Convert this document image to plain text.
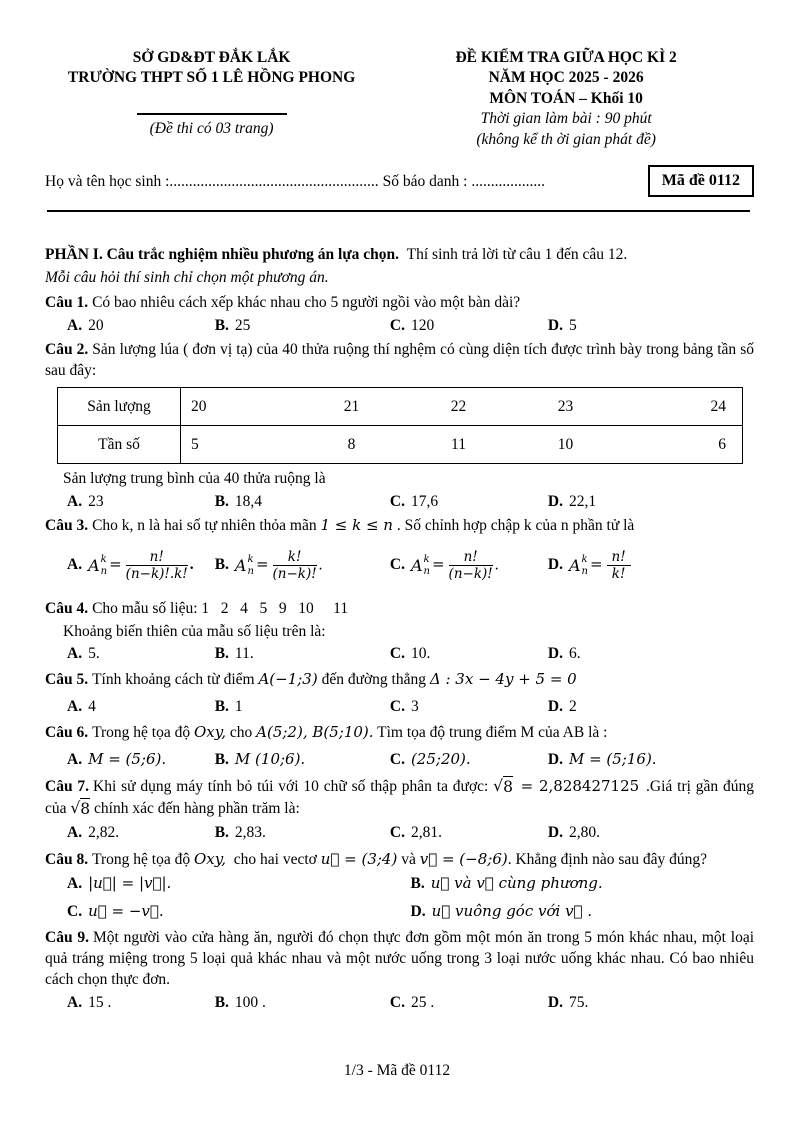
SỞ GD&ĐT ĐẮK LẮK
TRƯỜNG THPT SỐ 1 LÊ HỒNG PHONG
(Đề thi có 03 trang)
ĐỀ KIỂM TRA GIỮA HỌC KÌ 2
NĂM HỌC 2025 - 2026
MÔN TOÁN – Khối 10
Thời gian làm bài : 90 phút
(không kể th ời gian phát đề)
Họ và tên học sinh :...................................................... Số báo danh : ...................	Mã đề 0112

PHẦN I. Câu trắc nghiệm nhiều phương án lựa chọn. Thí sinh trả lời từ câu 1 đến câu 12.

Mỗi câu hỏi thí sinh chỉ chọn một phương án.

Câu 1. Có bao nhiêu cách xếp khác nhau cho 5 người ngồi vào một bàn dài?

A. 20	B. 25	C. 120	D. 5

Câu 2. Sản lượng lúa ( đơn vị tạ) của 40 thửa ruộng thí nghệm có cùng diện tích được trình bày trong bảng tần số sau đây:

Sản lượng	20	21	22	23	24
Tần số	5	8	11	10	6

Sản lượng trung bình của 40 thửa ruộng là

A. 23	B. 18,4	C. 17,6	D. 22,1

Câu 3. Cho k, n là hai số tự nhiên thỏa mãn 1 ≤ k ≤ n . Số chỉnh hợp chập k của n phần tử là

A. A k
$n = \frac{n!}{(n-k)!.k!}$ .	B. A k
$n = \frac{k!}{(n-k)!}$ .	C. A k
$n = \frac{n!}{(n-k)!}$ .	D. A k
$n = \frac{n!}{k!}$

Câu 4. Cho mẫu số liệu: 1   2   4   5   9   10     11

Khoảng biến thiên của mẫu số liệu trên là:

A. 5.	B. 11.	C. 10.	D. 6.

Câu 5. Tính khoảng cách từ điểm A(−1;3) đến đường thẳng Δ : 3x − 4y + 5 = 0

A. 4	B. 1	C. 3	D. 2

Câu 6. Trong hệ tọa độ Oxy, cho A(5;2), B(5;10). Tìm tọa độ trung điểm M của AB là :

A. M = (5;6).	B. M (10;6).	C. (25;20).	D. M = (5;16).

Câu 7. Khi sử dụng máy tính bỏ túi với 10 chữ số thập phân ta được: √ 8 = 2,828427125 .Giá trị gần đúng của √ 8 chính xác đến hàng phần trăm là:

A. 2,82.	B. 2,83.	C. 2,81.	D. 2,80.

Câu 8. Trong hệ tọa độ Oxy,  cho hai vectơ u⃗ = (3;4) và v⃗ = (−8;6). Khẳng định nào sau đây đúng?

A. |u⃗| = |v⃗|.	B. u⃗ và v⃗ cùng phương.
C. u⃗ = −v⃗.	D. u⃗ vuông góc với v⃗ .

Câu 9. Một người vào cửa hàng ăn, người đó chọn thực đơn gồm một món ăn trong 5 món khác nhau, một loại quả tráng miệng trong 5 loại quả khác nhau và một nước uống trong 3 loại nước uống khác nhau. Có bao nhiêu cách chọn thực đơn.

A. 15 .	B. 100 .	C. 25 .	D. 75.
1/3 - Mã đề 0112
